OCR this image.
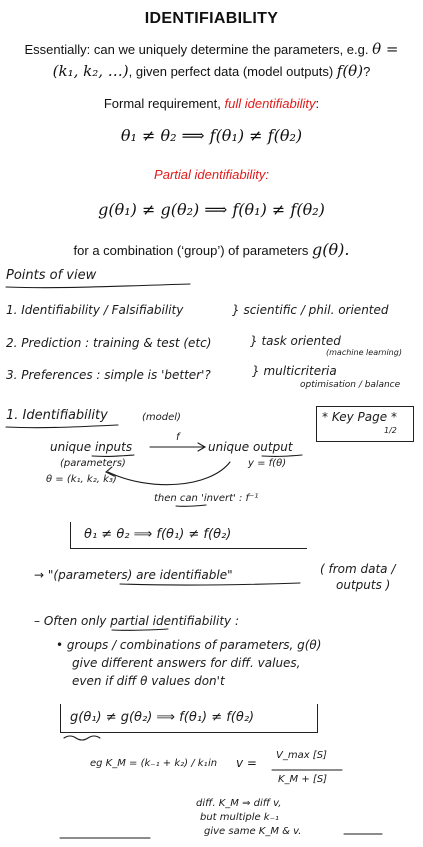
IDENTIFIABILITY
Essentially: can we uniquely determine the parameters, e.g. θ =
(k₁, k₂, …), given perfect data (model outputs) f(θ)?
Formal requirement, full identifiability:
θ₁ ≠ θ₂ ⟹ f(θ₁) ≠ f(θ₂)
Partial identifiability:
g(θ₁) ≠ g(θ₂) ⟹ f(θ₁) ≠ f(θ₂)
for a combination (‘group’) of parameters g(θ).
Points of view
1. Identifiability / Falsifiability	} scientific / phil. oriented
2. Prediction : training & test (etc)	} task oriented
(machine learning)
3. Preferences : simple is 'better'?	} multicriteria
optimisation / balance
1. Identifiability	(model)	* Key Page *
1/2
unique inputs
f
unique output
(parameters)	y = f(θ)
θ = (k₁, k₂, k₃)
then can 'invert' : f⁻¹
θ₁ ≠ θ₂ ⟹ f(θ₁) ≠ f(θ₂)
→ "(parameters) are identifiable"	( from data /
outputs )
– Often only partial identifiability :
• groups / combinations of parameters, g(θ)
give different answers for diff. values,
even if diff θ values don't
g(θ₁) ≠ g(θ₂) ⟹ f(θ₁) ≠ f(θ₂)
eg K_M = (k₋₁ + k₂) / k₁ in v =
V_max [S]
K_M + [S]
diff. K_M ⇒ diff v,
but multiple k₋₁
give same K_M & v.
